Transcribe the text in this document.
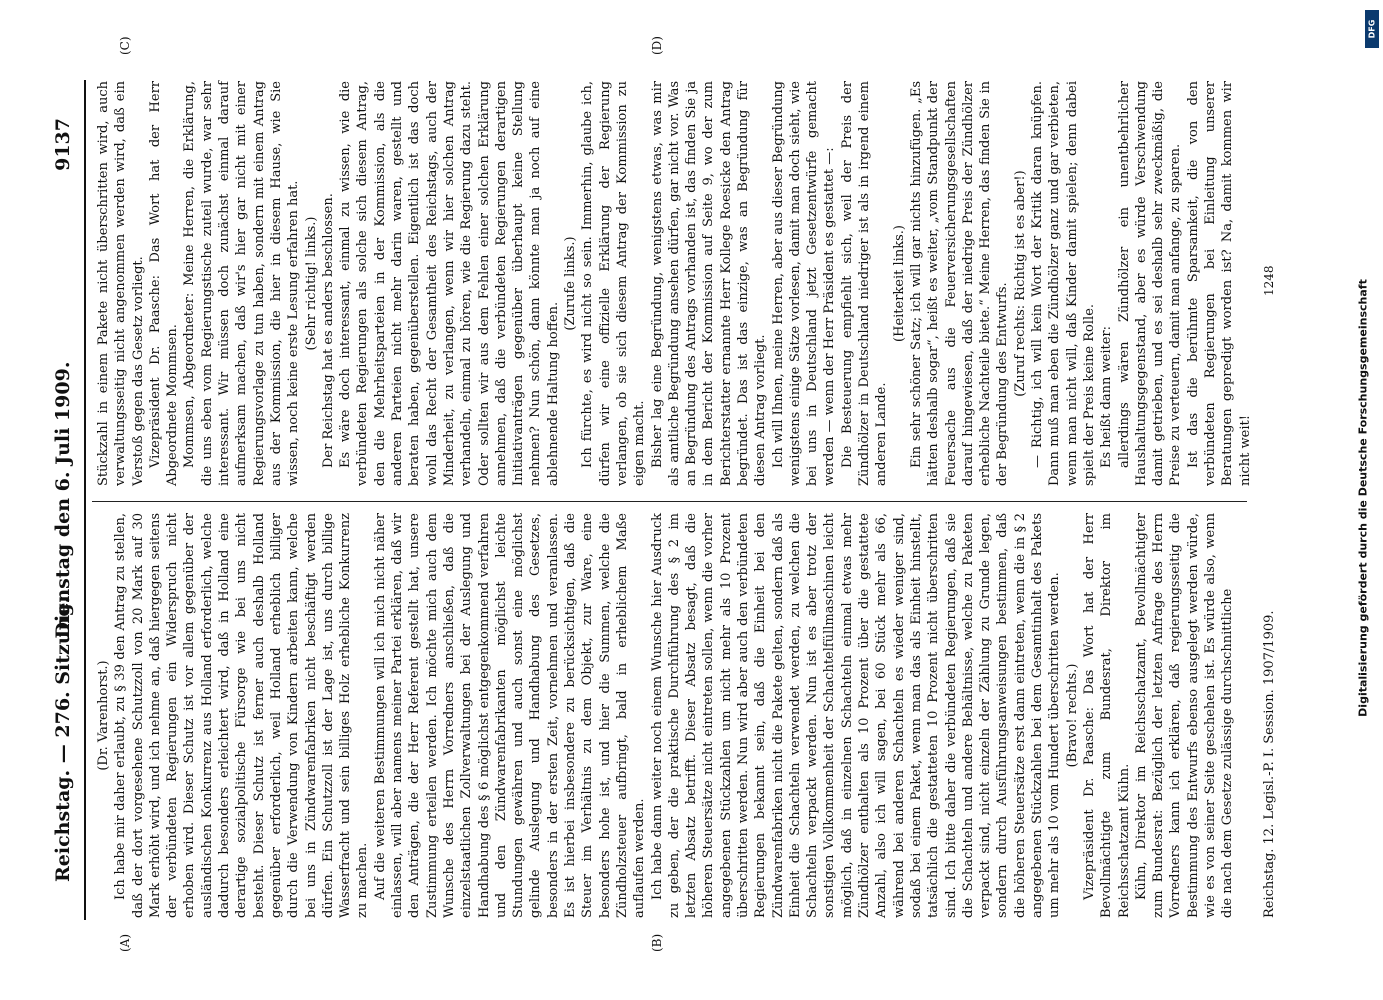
Reichstag. — 276. Sitzung.
Dienstag den 6. Juli 1909.
9137
(A)	(B)
(C)	(D)

(Dr. Varenhorst.) Ich habe mir daher erlaubt, zu § 39 den Antrag zu stellen, daß der dort vorgesehene Schutzzoll von 20 Mark auf 30 Mark erhöht wird, und ich nehme an, daß hiergegen seitens der verbündeten Regierungen ein Widerspruch nicht erhoben wird. Dieser Schutz ist vor allem gegenüber der ausländischen Konkurrenz aus Holland erforderlich, welche dadurch besonders erleichtert wird, daß in Holland eine derartige sozialpolitische Fürsorge wie bei uns nicht besteht. Dieser Schutz ist ferner auch deshalb Holland gegenüber erforderlich, weil Holland erheblich billiger durch die Verwendung von Kindern arbeiten kann, welche bei uns in Zündwarenfabriken nicht beschäftigt werden dürfen. Ein Schutzzoll ist der Lage ist, uns durch billige Wasserfracht und sein billiges Holz erhebliche Konkurrenz zu machen. Auf die weiteren Bestimmungen will ich mich nicht näher einlassen, will aber namens meiner Partei erklären, daß wir den Anträgen, die der Herr Referent gestellt hat, unsere Zustimmung erteilen werden. Ich möchte mich auch dem Wunsche des Herrn Vorredners anschließen, daß die einzelstaatlichen Zollverwaltungen bei der Auslegung und Handhabung des § 6 möglichst entgegenkommend verfahren und den Zündwarenfabrikanten möglichst leichte Stundungen gewähren und auch sonst eine möglichst gelinde Auslegung und Handhabung des Gesetzes, besonders in der ersten Zeit, vornehmen und veranlassen. Es ist hierbei insbesondere zu berücksichtigen, daß die Steuer im Verhältnis zu dem Objekt, zur Ware, eine besonders hohe ist, und hier die Summen, welche die Zündholzsteuer aufbringt, bald in erheblichem Maße auflaufen werden. Ich habe dann weiter noch einem Wunsche hier Ausdruck zu geben, der die praktische Durchführung des § 2 im letzten Absatz betrifft. Dieser Absatz besagt, daß die höheren Steuersätze nicht eintreten sollen, wenn die vorher angegebenen Stückzahlen um nicht mehr als 10 Prozent überschritten werden. Nun wird aber auch den verbündeten Regierungen bekannt sein, daß die Einheit bei den Zündwarenfabriken nicht die Pakete gelten, sondern daß als Einheit die Schachteln verwendet werden, zu welchen die Schachteln verpackt werden. Nun ist es aber trotz der sonstigen Vollkommenheit der Schachtelfüllmaschinen leicht möglich, daß in einzelnen Schachteln einmal etwas mehr Zündhölzer enthalten als 10 Prozent über die gestattete Anzahl, also ich will sagen, bei 60 Stück mehr als 66, während bei anderen Schachteln es wieder weniger sind, sodaß bei einem Paket, wenn man das als Einheit hinstellt, tatsächlich die gestatteten 10 Prozent nicht überschritten sind. Ich bitte daher die verbündeten Regierungen, daß sie die Schachteln und andere Behältnisse, welche zu Paketen verpackt sind, nicht einzeln der Zählung zu Grunde legen, sondern durch Ausführungsanweisungen bestimmen, daß die höheren Steuersätze erst dann eintreten, wenn die in § 2 angegebenen Stückzahlen bei dem Gesamtinhalt des Pakets um mehr als 10 vom Hundert überschritten werden. (Bravo! rechts.) Vizepräsident Dr. Paasche: Das Wort hat der Herr Bevollmächtigte zum Bundesrat, Direktor im Reichsschatzamt Kühn. Kühn, Direktor im Reichsschatzamt, Bevollmächtigter zum Bundesrat: Bezüglich der letzten Anfrage des Herrn Vorredners kann ich erklären, daß regierungsseitig die Bestimmung des Entwurfs ebenso ausgelegt werden würde, wie es von seiner Seite geschehen ist. Es würde also, wenn die nach dem Gesetze zulässige durchschnittliche

Stückzahl in einem Pakete nicht überschritten wird, auch verwaltungsseitig nicht angenommen werden wird, daß ein Verstoß gegen das Gesetz vorliegt. Vizepräsident Dr. Paasche: Das Wort hat der Herr Abgeordnete Mommsen. Mommsen, Abgeordneter: Meine Herren, die Erklärung, die uns eben vom Regierungstische zuteil wurde, war sehr interessant. Wir müssen doch zunächst einmal darauf aufmerksam machen, daß wir's hier gar nicht mit einer Regierungsvorlage zu tun haben, sondern mit einem Antrag aus der Kommission, die hier in diesem Hause, wie Sie wissen, noch keine erste Lesung erfahren hat. (Sehr richtig! links.) Der Reichstag hat es anders beschlossen. Es wäre doch interessant, einmal zu wissen, wie die verbündeten Regierungen als solche sich diesem Antrag, den die Mehrheitsparteien in der Kommission, als die anderen Parteien nicht mehr darin waren, gestellt und beraten haben, gegenüberstellen. Eigentlich ist das doch wohl das Recht der Gesamtheit des Reichstags, auch der Minderheit, zu verlangen, wenn wir hier solchen Antrag verhandeln, einmal zu hören, wie die Regierung dazu steht. Oder sollten wir aus dem Fehlen einer solchen Erklärung annehmen, daß die verbündeten Regierungen derartigen Initiativanträgen gegenüber überhaupt keine Stellung nehmen? Nun schön, dann könnte man ja noch auf eine ablehnende Haltung hoffen.

(Zurufe links.) Ich fürchte, es wird nicht so sein. Immerhin, glaube ich, dürfen wir eine offizielle Erklärung der Regierung verlangen, ob sie sich diesem Antrag der Kommission zu eigen macht. Bisher lag eine Begründung, wenigstens etwas, was mir als amtliche Begründung ansehen dürfen, gar nicht vor. Was an Begründung des Antrags vorhanden ist, das finden Sie ja in dem Bericht der Kommission auf Seite 9, wo der zum Berichterstatter ernannte Herr Kollege Roesicke den Antrag begründet. Das ist das einzige, was an Begründung für diesen Antrag vorliegt. Ich will Ihnen, meine Herren, aber aus dieser Begründung wenigstens einige Sätze vorlesen, damit man doch sieht, wie bei uns in Deutschland jetzt Gesetzentwürfe gemacht werden — wenn der Herr Präsident es gestattet —: Die Besteuerung empfiehlt sich, weil der Preis der Zündhölzer in Deutschland niedriger ist als in irgend einem anderen Lande.

(Heiterkeit links.) Ein sehr schöner Satz; ich will gar nichts hinzufügen. „Es hätten deshalb sogar“, heißt es weiter, „vom Standpunkt der Feuersache aus die Feuerversicherungsgesellschaften darauf hingewiesen, daß der niedrige Preis der Zündhölzer erhebliche Nachteile biete.“ Meine Herren, das finden Sie in der Begründung des Entwurfs. (Zuruf rechts: Richtig ist es aber!) — Richtig, ich will kein Wort der Kritik daran knüpfen. Dann muß man eben die Zündhölzer ganz und gar verbieten, wenn man nicht will, daß Kinder damit spielen; denn dabei spielt der Preis keine Rolle. Es heißt dann weiter: allerdings wären Zündhölzer ein unentbehrlicher Haushaltungsgegenstand, aber es würde Verschwendung damit getrieben, und es sei deshalb sehr zweckmäßig, die Preise zu verteuern, damit man anfange, zu sparen. Ist das die berühmte Sparsamkeit, die von den verbündeten Regierungen bei Einleitung unserer Beratungen gepredigt worden ist? Na, damit kommen wir nicht weit!

Reichstag. 12. Legisl.-P. I. Session. 1907/1909.
1248	Digitalisierung gefördert durch die Deutsche Forschungsgemeinschaft
DFG
